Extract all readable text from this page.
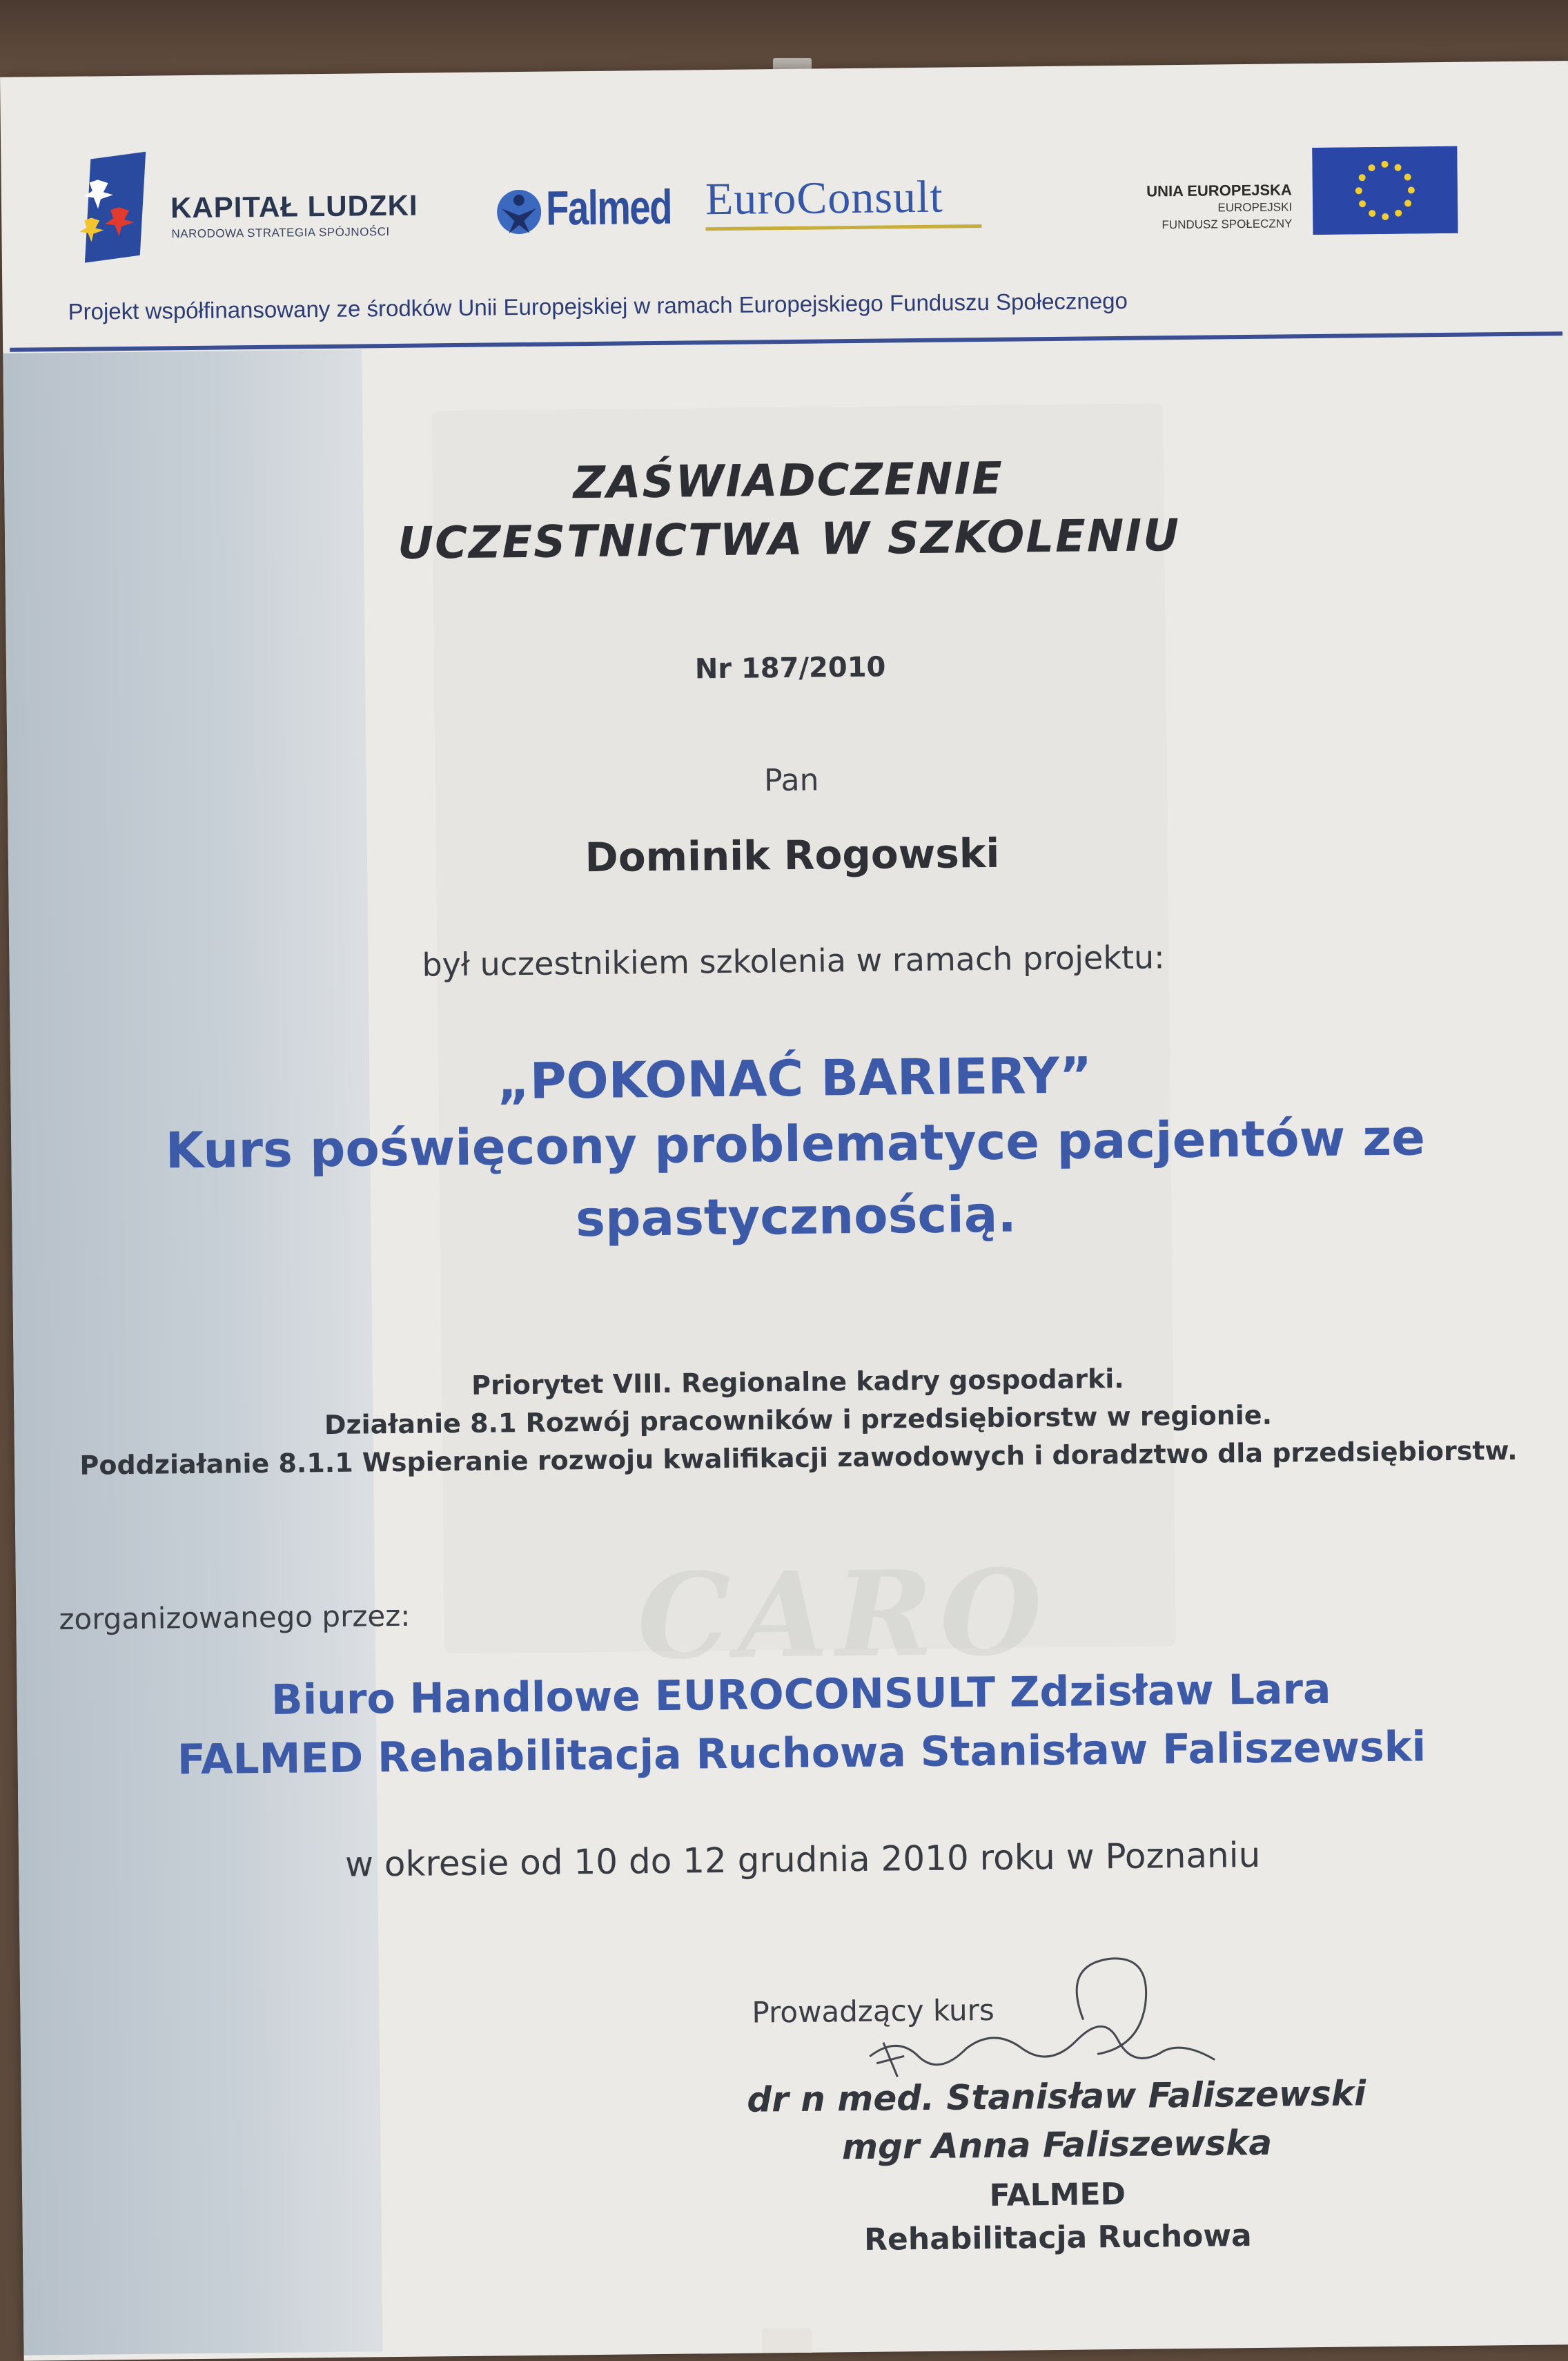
CARO
KAPITAŁ LUDZKI
NARODOWA STRATEGIA SPÓJNOŚCI	Falmed EuroConsult	UNIA EUROPEJSKA
EUROPEJSKI
FUNDUSZ SPOŁECZNY
Projekt współfinansowany ze środków Unii Europejskiej w ramach Europejskiego Funduszu Społecznego
ZAŚWIADCZENIE
UCZESTNICTWA W SZKOLENIU
Nr 187/2010
Pan
Dominik Rogowski
był uczestnikiem szkolenia w ramach projektu:
„POKONAĆ BARIERY”
Kurs poświęcony problematyce pacjentów ze
spastycznością.
Priorytet VIII. Regionalne kadry gospodarki.
Działanie 8.1 Rozwój pracowników i przedsiębiorstw w regionie.
Poddziałanie 8.1.1 Wspieranie rozwoju kwalifikacji zawodowych i doradztwo dla przedsiębiorstw.
zorganizowanego przez:
Biuro Handlowe EUROCONSULT Zdzisław Lara
FALMED Rehabilitacja Ruchowa Stanisław Faliszewski
w okresie od 10 do 12 grudnia 2010 roku w Poznaniu
Prowadzący kurs
dr n med. Stanisław Faliszewski
mgr Anna Faliszewska
FALMED
Rehabilitacja Ruchowa
